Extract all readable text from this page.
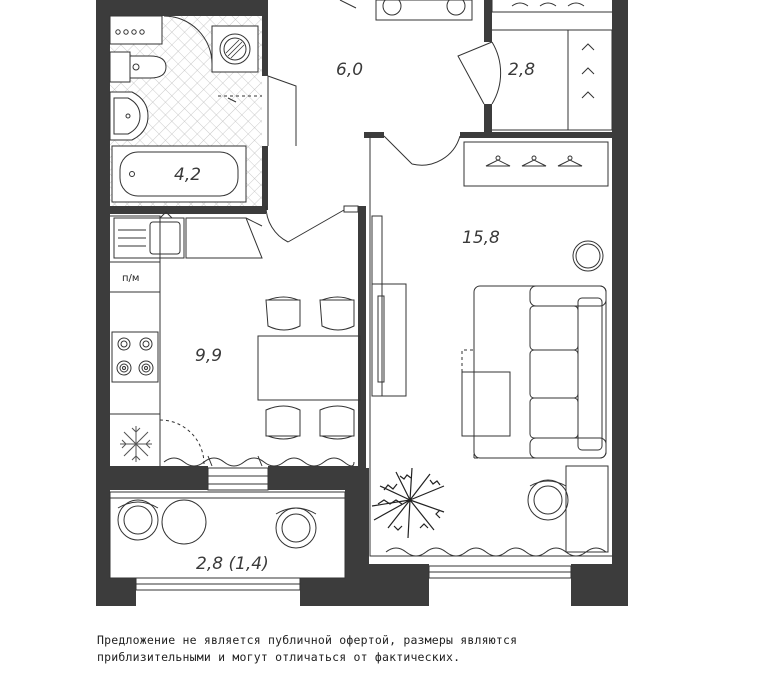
6,0	2,8
4,2
15,8
9,9
2,8 (1,4)
п/м
Предложение не является публичной офертой, размеры являются
приблизительными и могут отличаться от фактических.
